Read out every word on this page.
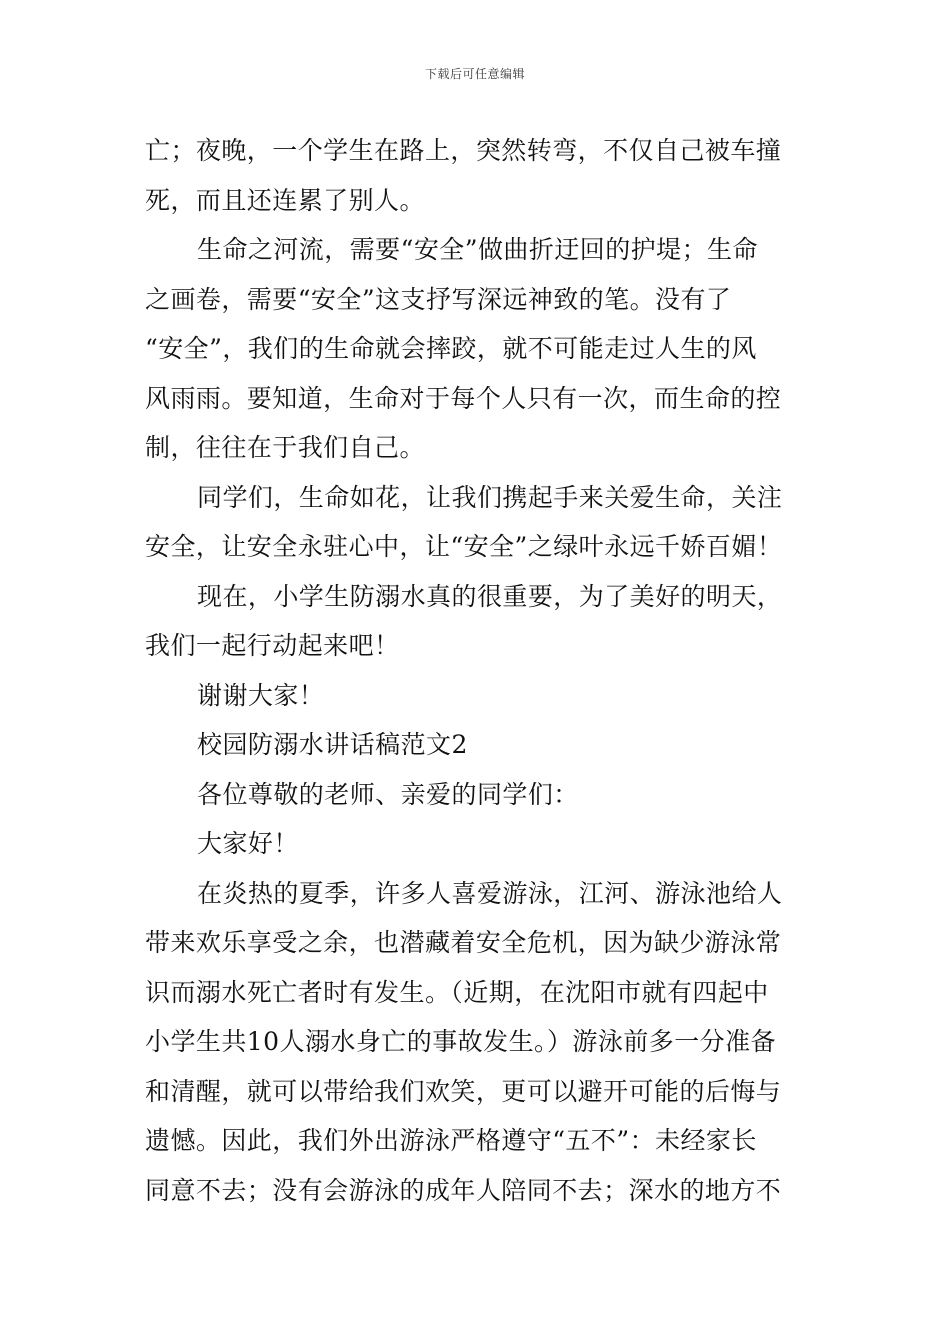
下载后可任意编辑
亡；夜晚，一个学生在路上，突然转弯，不仅自己被车撞
死，而且还连累了别人。
生命之河流，需要“安全”做曲折迂回的护堤；生命
之画卷，需要“安全”这支抒写深远神致的笔。没有了
“安全”，我们的生命就会摔跤，就不可能走过人生的风
风雨雨。要知道，生命对于每个人只有一次，而生命的控
制，往往在于我们自己。
同学们，生命如花，让我们携起手来关爱生命，关注
安全，让安全永驻心中，让“安全”之绿叶永远千娇百媚！
现在，小学生防溺水真的很重要，为了美好的明天，
我们一起行动起来吧！
谢谢大家！
校园防溺水讲话稿范文2
各位尊敬的老师、亲爱的同学们：
大家好！
在炎热的夏季，许多人喜爱游泳，江河、游泳池给人
带来欢乐享受之余，也潜藏着安全危机，因为缺少游泳常
识而溺水死亡者时有发生。（近期，在沈阳市就有四起中
小学生共10人溺水身亡的事故发生。）游泳前多一分准备
和清醒，就可以带给我们欢笑，更可以避开可能的后悔与
遗憾。因此，我们外出游泳严格遵守“五不”：未经家长
同意不去；没有会游泳的成年人陪同不去；深水的地方不
